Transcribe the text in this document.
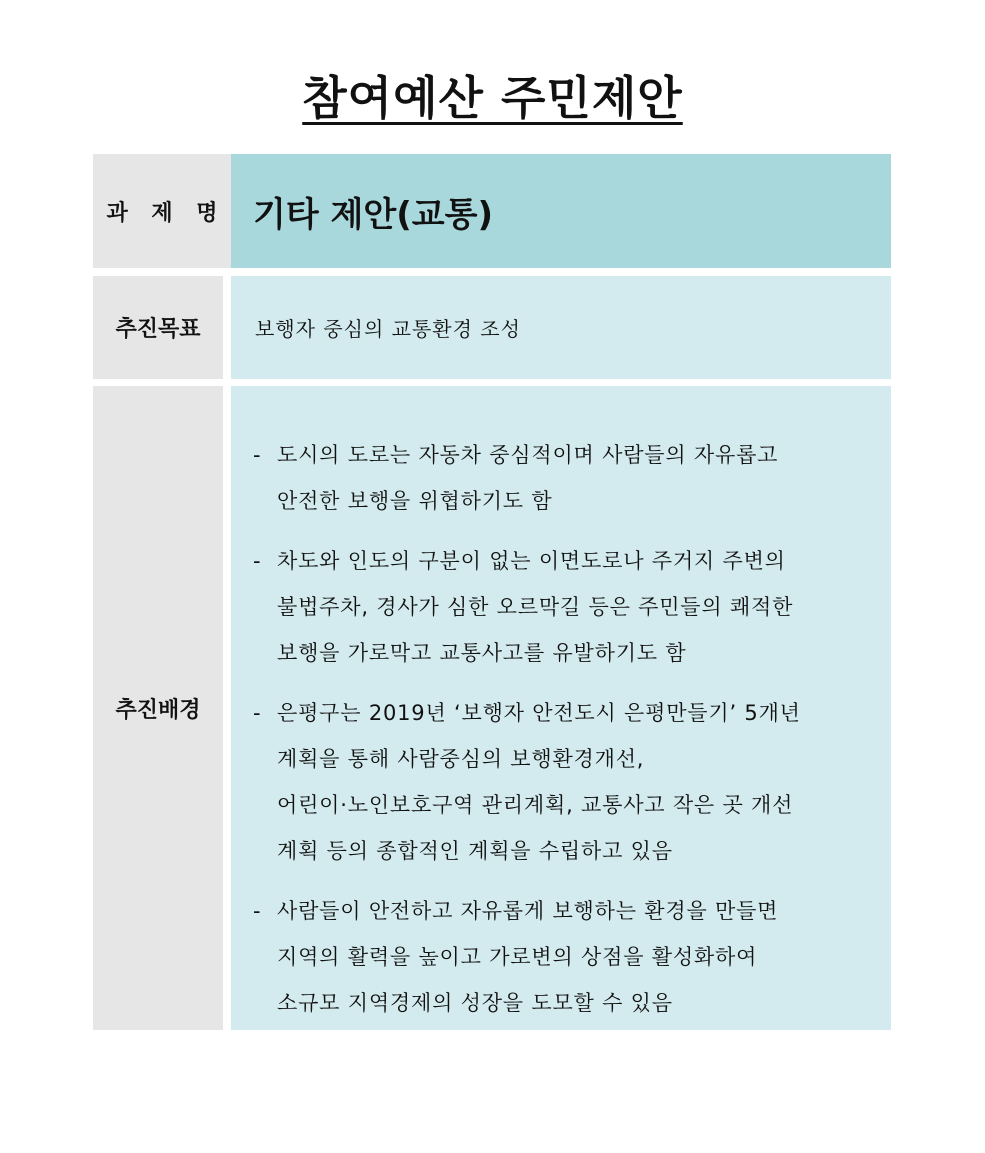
참여예산 주민제안
과 제 명 기타 제안(교통)
추진목표	보행자 중심의 교통환경 조성
추진배경
- 도시의 도로는 자동차 중심적이며 사람들의 자유롭고
안전한 보행을 위협하기도 함
- 차도와 인도의 구분이 없는 이면도로나 주거지 주변의
불법주차, 경사가 심한 오르막길 등은 주민들의 쾌적한
보행을 가로막고 교통사고를 유발하기도 함
- 은평구는 2019년 ‘보행자 안전도시 은평만들기’ 5개년
계획을 통해 사람중심의 보행환경개선,
어린이·노인보호구역 관리계획, 교통사고 작은 곳 개선
계획 등의 종합적인 계획을 수립하고 있음
- 사람들이 안전하고 자유롭게 보행하는 환경을 만들면
지역의 활력을 높이고 가로변의 상점을 활성화하여
소규모 지역경제의 성장을 도모할 수 있음
